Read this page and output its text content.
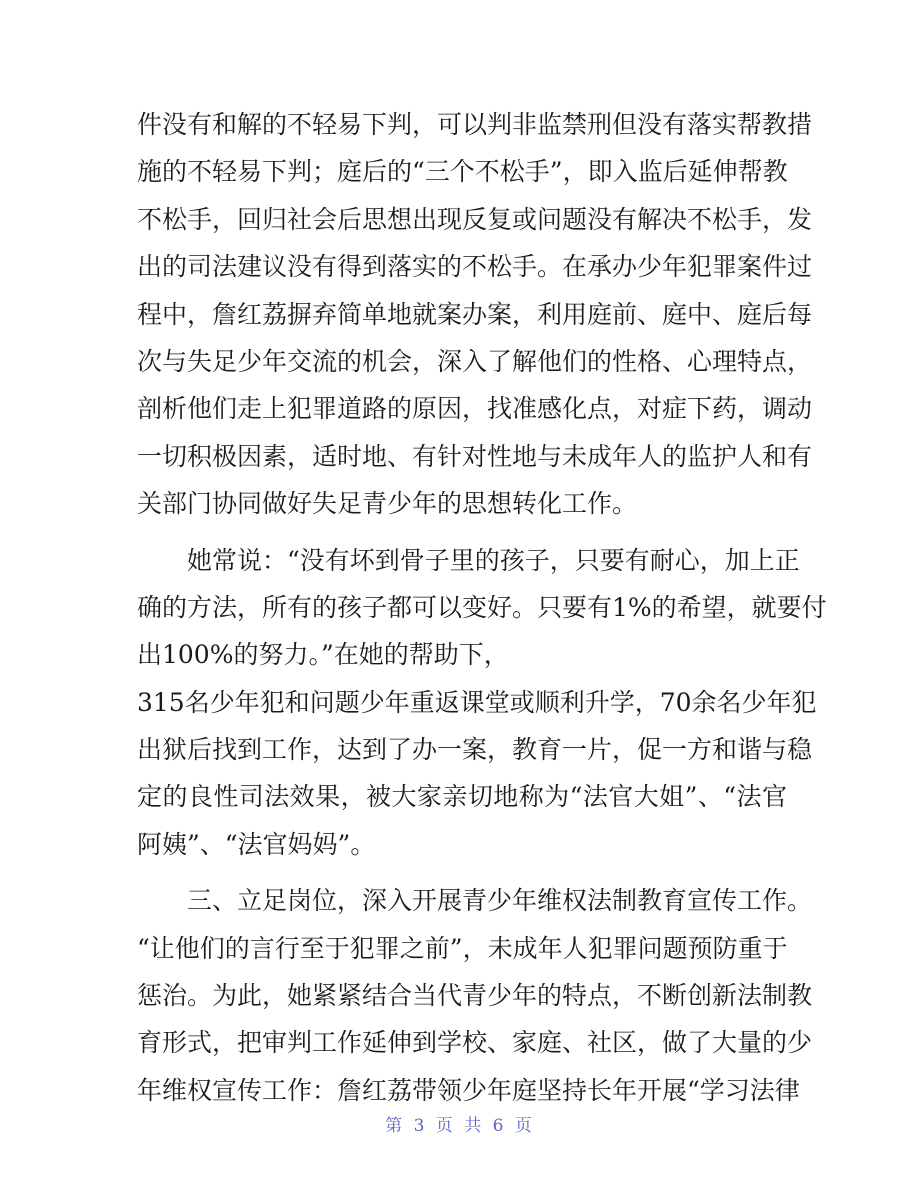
件没有和解的不轻易下判，可以判非监禁刑但没有落实帮教措
施的不轻易下判；庭后的“三个不松手”，即入监后延伸帮教
不松手，回归社会后思想出现反复或问题没有解决不松手，发
出的司法建议没有得到落实的不松手。在承办少年犯罪案件过
程中，詹红荔摒弃简单地就案办案，利用庭前、庭中、庭后每
次与失足少年交流的机会，深入了解他们的性格、心理特点，
剖析他们走上犯罪道路的原因，找准感化点，对症下药，调动
一切积极因素，适时地、有针对性地与未成年人的监护人和有
关部门协同做好失足青少年的思想转化工作。
她常说：“没有坏到骨子里的孩子，只要有耐心，加上正
确的方法，所有的孩子都可以变好。只要有1%的希望，就要付
出100%的努力。”在她的帮助下，
315名少年犯和问题少年重返课堂或顺利升学，70余名少年犯
出狱后找到工作，达到了办一案，教育一片，促一方和谐与稳
定的良性司法效果，被大家亲切地称为“法官大姐”、“法官
阿姨”、“法官妈妈”。
三、立足岗位，深入开展青少年维权法制教育宣传工作。
“让他们的言行至于犯罪之前”，未成年人犯罪问题预防重于
惩治。为此，她紧紧结合当代青少年的特点，不断创新法制教
育形式，把审判工作延伸到学校、家庭、社区，做了大量的少
年维权宣传工作：詹红荔带领少年庭坚持长年开展“学习法律
第 3 页 共 6 页
